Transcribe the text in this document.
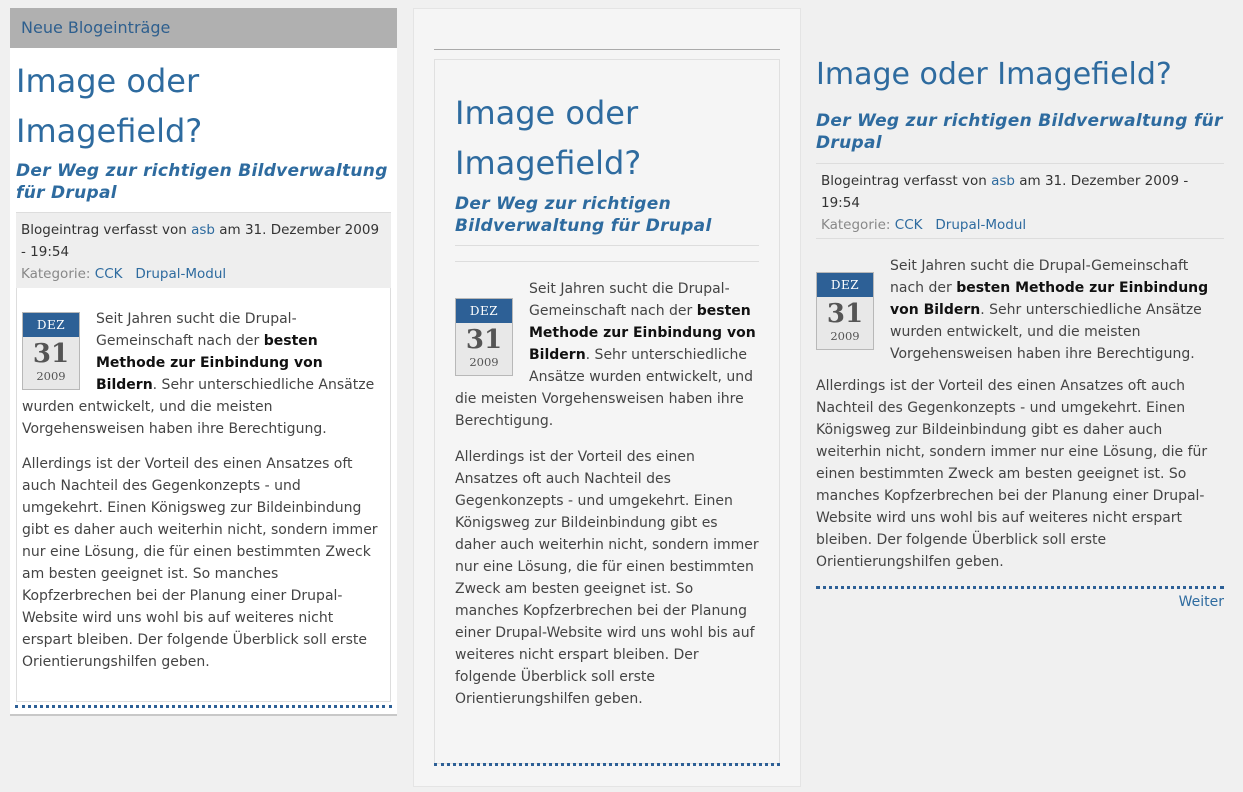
Neue Blogeinträge
Image oder Imagefield?
Der Weg zur richtigen Bildverwaltung für Drupal
Blogeintrag verfasst von asb am 31. Dezember 2009 - 19:54
Kategorie: CCK Drupal-Modul
DEZ
31
2009

Seit Jahren sucht die Drupal-Gemeinschaft nach der besten Methode zur Einbindung von Bildern. Sehr unterschiedliche Ansätze wurden entwickelt, und die meisten Vorgehensweisen haben ihre Berechtigung.

Allerdings ist der Vorteil des einen Ansatzes oft auch Nachteil des Gegenkonzepts - und umgekehrt. Einen Königsweg zur Bildeinbindung gibt es daher auch weiterhin nicht, sondern immer nur eine Lösung, die für einen bestimmten Zweck am besten geeignet ist. So manches Kopfzerbrechen bei der Planung einer Drupal-Website wird uns wohl bis auf weiteres nicht erspart bleiben. Der folgende Überblick soll erste Orientierungshilfen geben.

Image oder Imagefield?
Der Weg zur richtigen Bildverwaltung für Drupal
DEZ
31
2009

Seit Jahren sucht die Drupal-Gemeinschaft nach der besten Methode zur Einbindung von Bildern. Sehr unterschiedliche Ansätze wurden entwickelt, und die meisten Vorgehensweisen haben ihre Berechtigung.

Allerdings ist der Vorteil des einen Ansatzes oft auch Nachteil des Gegenkonzepts - und umgekehrt. Einen Königsweg zur Bildeinbindung gibt es daher auch weiterhin nicht, sondern immer nur eine Lösung, die für einen bestimmten Zweck am besten geeignet ist. So manches Kopfzerbrechen bei der Planung einer Drupal-Website wird uns wohl bis auf weiteres nicht erspart bleiben. Der folgende Überblick soll erste Orientierungshilfen geben.

Image oder Imagefield?
Der Weg zur richtigen Bildverwaltung für Drupal
Blogeintrag verfasst von asb am 31. Dezember 2009 - 19:54
Kategorie: CCK Drupal-Modul
DEZ
31
2009

Seit Jahren sucht die Drupal-Gemeinschaft nach der besten Methode zur Einbindung von Bildern. Sehr unterschiedliche Ansätze wurden entwickelt, und die meisten Vorgehensweisen haben ihre Berechtigung.

Allerdings ist der Vorteil des einen Ansatzes oft auch Nachteil des Gegenkonzepts - und umgekehrt. Einen Königsweg zur Bildeinbindung gibt es daher auch weiterhin nicht, sondern immer nur eine Lösung, die für einen bestimmten Zweck am besten geeignet ist. So manches Kopfzerbrechen bei der Planung einer Drupal-Website wird uns wohl bis auf weiteres nicht erspart bleiben. Der folgende Überblick soll erste Orientierungshilfen geben.

Weiter
